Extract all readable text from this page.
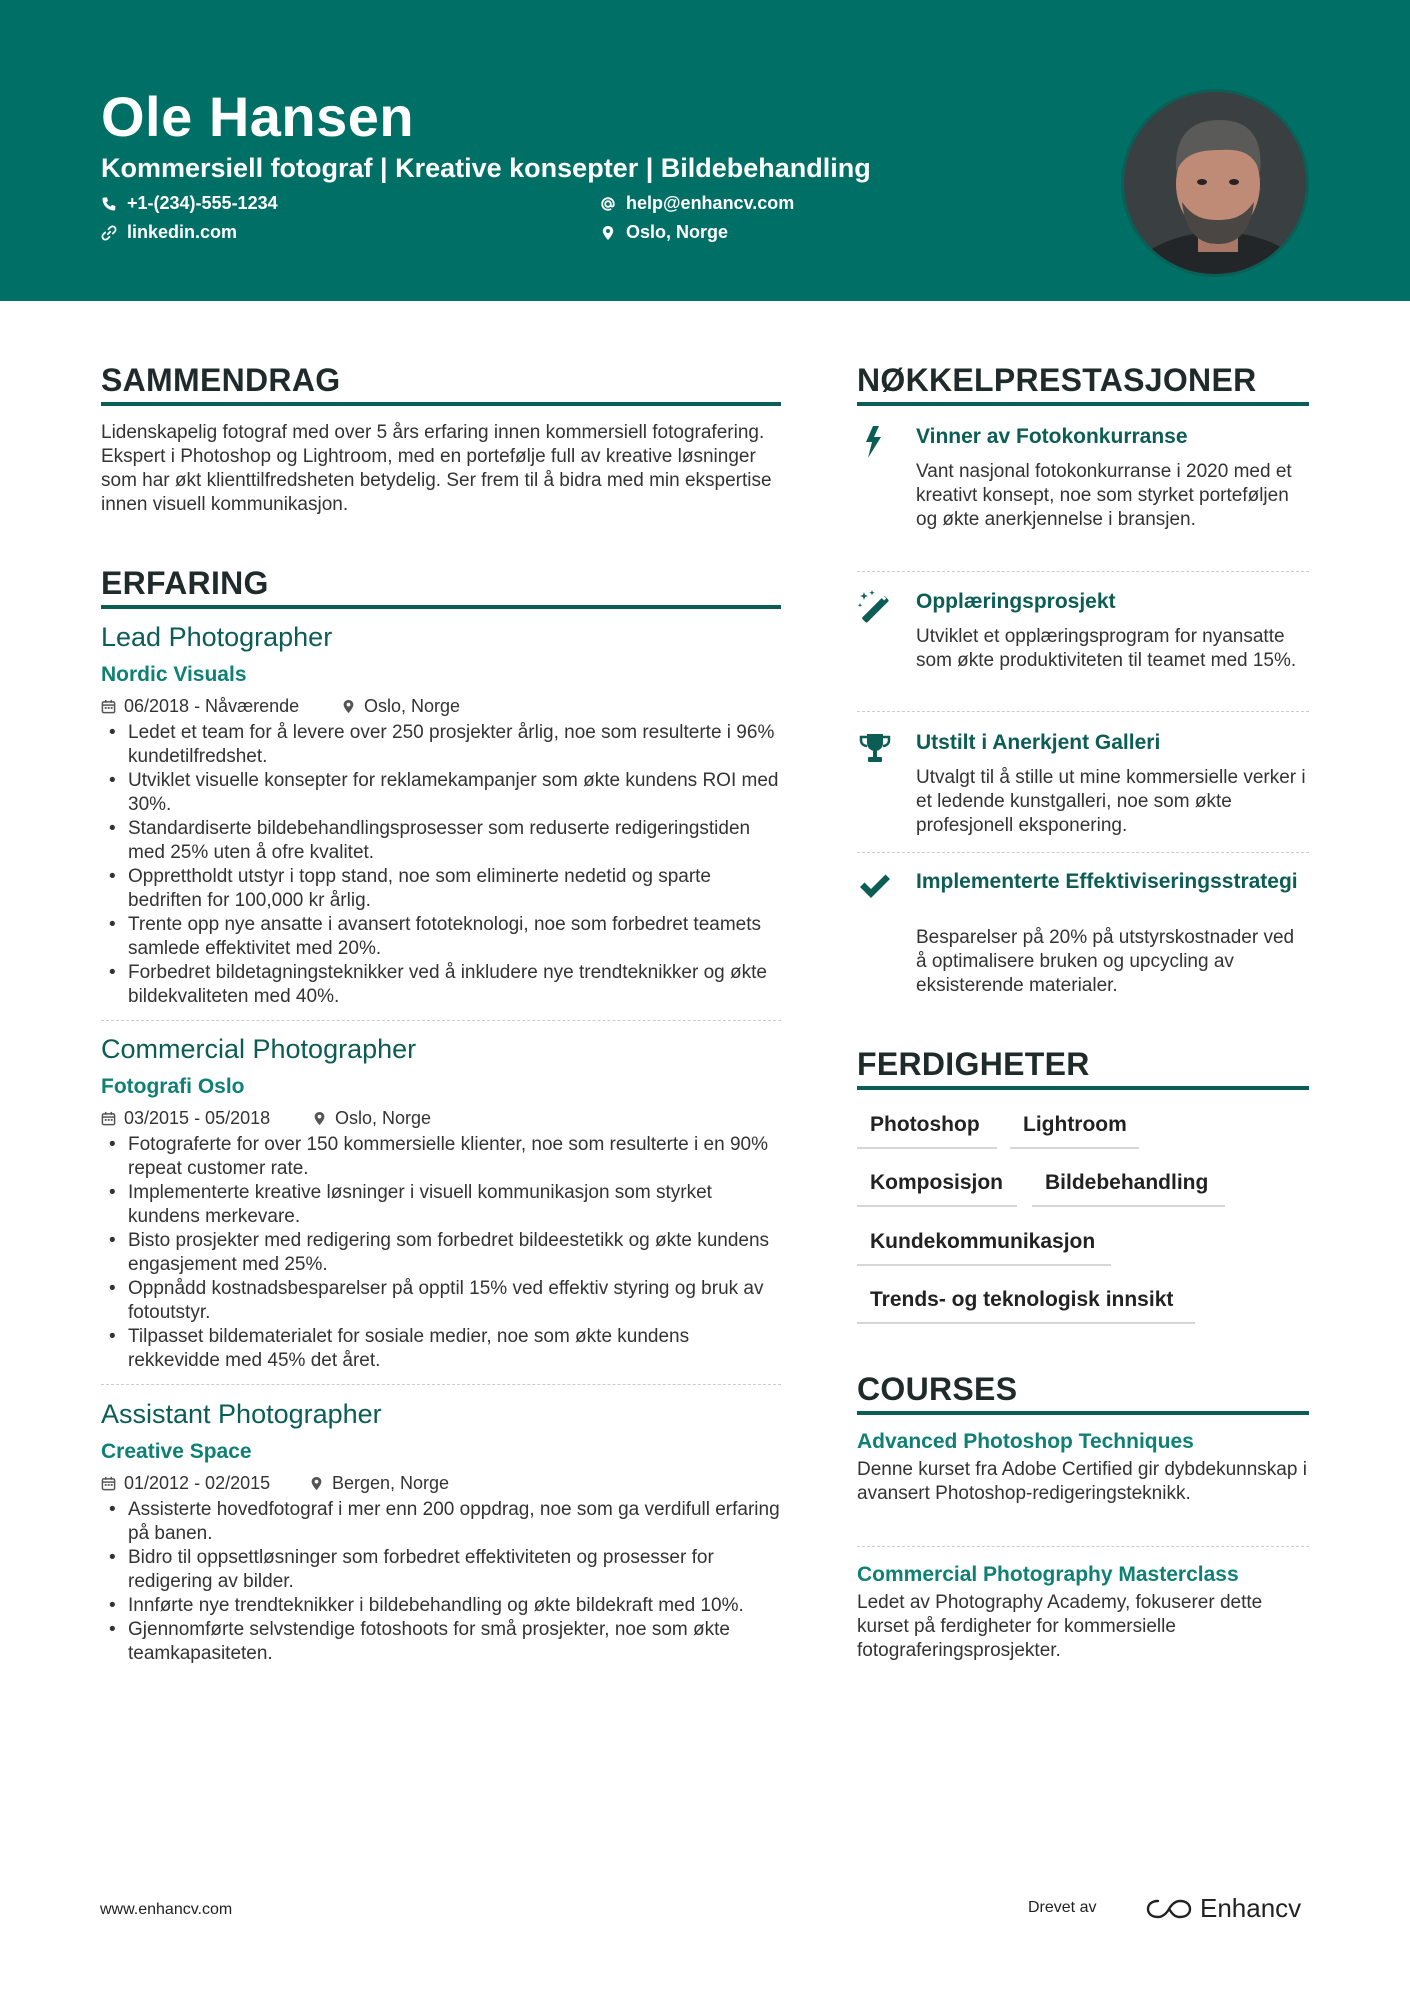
Ole Hansen
Kommersiell fotograf | Kreative konsepter | Bildebehandling
+1-(234)-555-1234	help@enhancv.com
linkedin.com	Oslo, Norge
SAMMENDRAG
Lidenskapelig fotograf med over 5 års erfaring innen kommersiell fotografering. Ekspert i Photoshop og Lightroom, med en portefølje full av kreative løsninger som har økt klienttilfredsheten betydelig. Ser frem til å bidra med min ekspertise innen visuell kommunikasjon.
ERFARING
Lead Photographer
Nordic Visuals
06/2018 - Nåværende	Oslo, Norge
• Ledet et team for å levere over 250 prosjekter årlig, noe som resulterte i 96% kundetilfredshet.
• Utviklet visuelle konsepter for reklamekampanjer som økte kundens ROI med 30%.
• Standardiserte bildebehandlingsprosesser som reduserte redigeringstiden med 25% uten å ofre kvalitet.
• Opprettholdt utstyr i topp stand, noe som eliminerte nedetid og sparte bedriften for 100,000 kr årlig.
• Trente opp nye ansatte i avansert fototeknologi, noe som forbedret teamets samlede effektivitet med 20%.
• Forbedret bildetagningsteknikker ved å inkludere nye trendteknikker og økte bildekvaliteten med 40%.
Commercial Photographer
Fotografi Oslo
03/2015 - 05/2018	Oslo, Norge
• Fotograferte for over 150 kommersielle klienter, noe som resulterte i en 90% repeat customer rate.
• Implementerte kreative løsninger i visuell kommunikasjon som styrket kundens merkevare.
• Bisto prosjekter med redigering som forbedret bildeestetikk og økte kundens engasjement med 25%.
• Oppnådd kostnadsbesparelser på opptil 15% ved effektiv styring og bruk av fotoutstyr.
• Tilpasset bildematerialet for sosiale medier, noe som økte kundens rekkevidde med 45% det året.
Assistant Photographer
Creative Space
01/2012 - 02/2015	Bergen, Norge
• Assisterte hovedfotograf i mer enn 200 oppdrag, noe som ga verdifull erfaring på banen.
• Bidro til oppsettløsninger som forbedret effektiviteten og prosesser for redigering av bilder.
• Innførte nye trendteknikker i bildebehandling og økte bildekraft med 10%.
• Gjennomførte selvstendige fotoshoots for små prosjekter, noe som økte teamkapasiteten.
NØKKELPRESTASJONER
Vinner av Fotokonkurranse
Vant nasjonal fotokonkurranse i 2020 med et kreativt konsept, noe som styrket porteføljen og økte anerkjennelse i bransjen.
Opplæringsprosjekt
Utviklet et opplæringsprogram for nyansatte som økte produktiviteten til teamet med 15%.
Utstilt i Anerkjent Galleri
Utvalgt til å stille ut mine kommersielle verker i et ledende kunstgalleri, noe som økte profesjonell eksponering.
Implementerte Effektiviseringsstrategi
Besparelser på 20% på utstyrskostnader ved å optimalisere bruken og upcycling av eksisterende materialer.
FERDIGHETER
Photoshop	Lightroom
Komposisjon	Bildebehandling
Kundekommunikasjon
Trends- og teknologisk innsikt
COURSES
Advanced Photoshop Techniques
Denne kurset fra Adobe Certified gir dybdekunnskap i avansert Photoshop-redigeringsteknikk.
Commercial Photography Masterclass
Ledet av Photography Academy, fokuserer dette kurset på ferdigheter for kommersielle fotograferingsprosjekter.
www.enhancv.com	Drevet av	Enhancv
